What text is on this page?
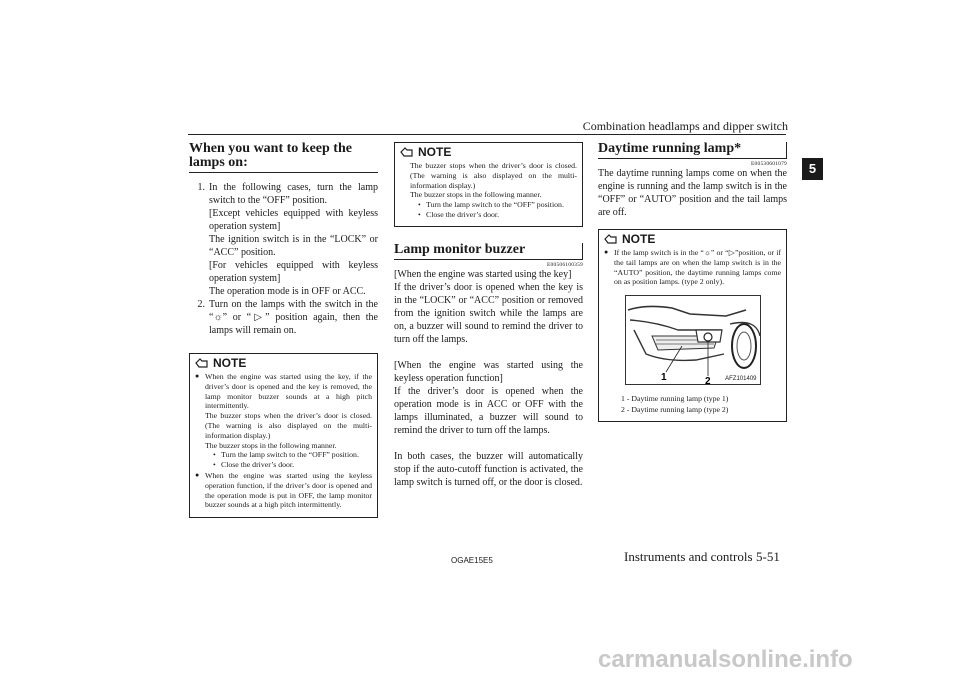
Combination headlamps and dipper switch
5
When you want to keep the lamps on:
1. In the following cases, turn the lamp switch to the “OFF” position.
[Except vehicles equipped with keyless operation system]
The ignition switch is in the “LOCK” or “ACC” position.
[For vehicles equipped with keyless operation system]
The operation mode is in OFF or ACC.
2. Turn on the lamps with the switch in the “☼” or “▷” position again, then the lamps will remain on.
NOTE
● When the engine was started using the key, if the driver’s door is opened and the key is removed, the lamp monitor buzzer sounds at a high pitch intermittently.
The buzzer stops when the driver’s door is closed. (The warning is also displayed on the multi-information display.)
The buzzer stops in the following manner.
• Turn the lamp switch to the “OFF” position.
• Close the driver’s door.
● When the engine was started using the keyless operation function, if the driver’s door is opened and the operation mode is put in OFF, the lamp monitor buzzer sounds at a high pitch intermittently.
NOTE
The buzzer stops when the driver’s door is closed. (The warning is also displayed on the multi-information display.)
The buzzer stops in the following manner.
• Turn the lamp switch to the “OFF” position.
• Close the driver’s door.
Lamp monitor buzzer
E00506100359

[When the engine was started using the key]

If the driver’s door is opened when the key is in the “LOCK” or “ACC” position or removed from the ignition switch while the lamps are on, a buzzer will sound to remind the driver to turn off the lamps.

[When the engine was started using the keyless operation function]

If the driver’s door is opened when the operation mode is in ACC or OFF with the lamps illuminated, a buzzer will sound to remind the driver to turn off the lamps.

In both cases, the buzzer will automatically stop if the auto-cutoff function is activated, the lamp switch is turned off, or the door is closed.

Daytime running lamp*
E00530601079

The daytime running lamps come on when the engine is running and the lamp switch is in the “OFF” or “AUTO” position and the tail lamps are off.

NOTE
● If the lamp switch is in the “☼” or “▷”position, or if the tail lamps are on when the lamp switch is in the “AUTO” position, the daytime running lamps come on as position lamps. (type 2 only).
1	2	AFZ101409
1 - Daytime running lamp (type 1)
2 - Daytime running lamp (type 2)
OGAE15E5	Instruments and controls 5-51
carmanualsonline.info
